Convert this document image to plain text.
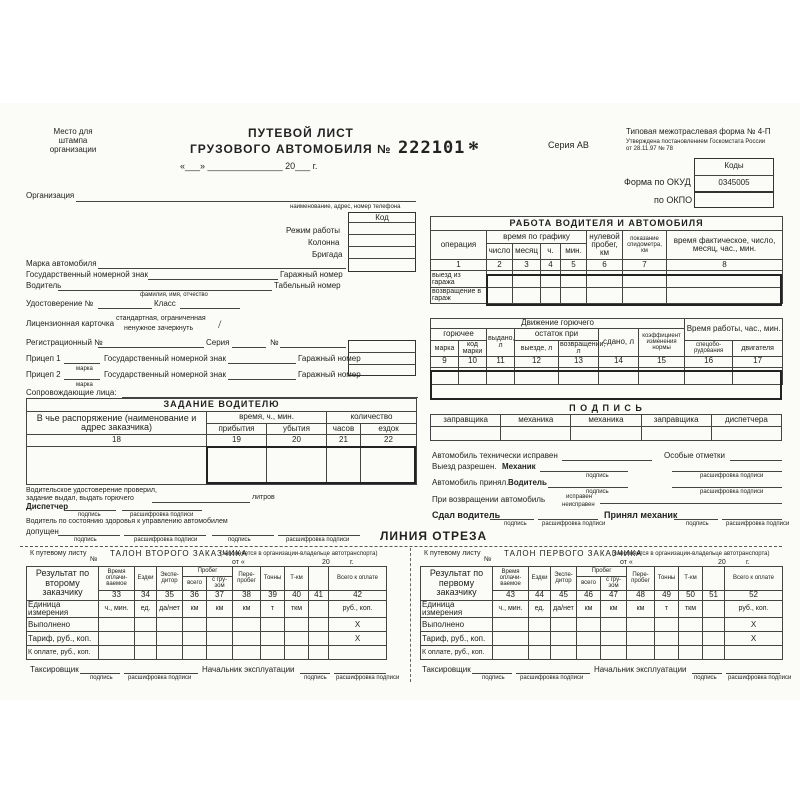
Место для штампа организации
ПУТЕВОЙ ЛИСТ
ГРУЗОВОГО АВТОМОБИЛЯ № 222101 *
«___» _______________ 20___ г.
Серия АВ
Типовая межотраслевая форма № 4-П
Утверждена постановлением Госкомстата России
от 28.11.97 № 78
Коды
0345005
Форма по ОКУД
по ОКПО
Организация
наименование, адрес, номер телефона
Код
Режим работы
Колонна
Бригада
Марка автомобиля
Государственный номерной знак	Гаражный номер
Водитель
фамилия, имя, отчество
Табельный номер
Удостоверение №	Класс
Лицензионная карточка
стандартная, ограниченная
ненужное зачеркнуть /
Регистрационный №	Серия	№
Прицеп 1
марка
Государственный номерной знак	Гаражный номер
Прицеп 2
марка
Государственный номерной знак	Гаражный номер
Сопровождающие лица:
РАБОТА ВОДИТЕЛЯ И АВТОМОБИЛЯ							
операция	время по графику				нулевой пробег, км	показание спидометра, км	время фактическое, число, месяц, час., мин.
	число	месяц	ч.	мин.			
1	2	3	4	5	6	7	8
выезд из гаража							
возвращение в гараж							
Движение горючего							Время работы, час., мин.	
горючее		выдано, л	остаток при		сдано, л	коэффициент изменения нормы		
марка	код марки		выезде, л	возвращении, л			спецобо-рудования	двигателя
9	10	11	12	13	14	15	16	17

П О Д П И С Ь
заправщика	механика	механика	заправщика	диспетчера

ЗАДАНИЕ ВОДИТЕЛЮ				
В чье распоряжение (наименование и адрес заказчика)	время, ч., мин.		количество	
	прибытия	убытия	часов	ездок
18	19	20	21	22

Водительское удостоверение проверил,
задание выдал, выдать горючего	литров
Диспетчер
подпись	расшифровка подписи
Водитель по состоянию здоровья к управлению автомобилем
допущен
подпись	расшифровка подписи	подпись	расшифровка подписи
Автомобиль технически исправен	Особые отметки
Выезд разрешен. Механик
подпись	расшифровка подписи
Автомобиль принял. Водитель
подпись	расшифровка подписи
При возвращении автомобиль	исправен
неисправен
Сдал водитель
подпись	расшифровка подписи
Принял механик
подпись	расшифровка подписи
ЛИНИЯ ОТРЕЗА
К путевому листу
№
ТАЛОН ВТОРОГО ЗАКАЗЧИКА
(заполняется в организации-владельце автотранспорта)
от «	20	г.
Результат по второму заказчику	Время оплачи-ваемое	Ездки	Экспе-дитор	Пробег		Пере-пробег	Тонны	Т-км		Всего к оплате
				всего	с гру-зом					
	33	34	35	36	37	38	39	40	41	42
Единица измерения	ч., мин.	ед.	да/нет	км	км	км	т	ткм		руб., коп.
Выполнено										X
Тариф, руб., коп.										X
К оплате, руб., коп.										
Таксировщик	Начальник эксплуатации
подпись	расшифровка подписи	подпись расшифровка подписи
К путевому листу
№
ТАЛОН ПЕРВОГО ЗАКАЗЧИКА
(заполняется в организации-владельце автотранспорта)
от «	20	г.
Результат по первому заказчику	Время оплачи-ваемое	Ездки	Экспе-дитор	Пробег		Пере-пробег	Тонны	Т-км		Всего к оплате
				всего	с гру-зом					
	43	44	45	46	47	48	49	50	51	52
Единица измерения	ч., мин.	ед.	да/нет	км	км	км	т	ткм		руб., коп.
Выполнено										X
Тариф, руб., коп.										X
К оплате, руб., коп.										
Таксировщик	Начальник эксплуатации
подпись	расшифровка подписи	подпись расшифровка подписи
